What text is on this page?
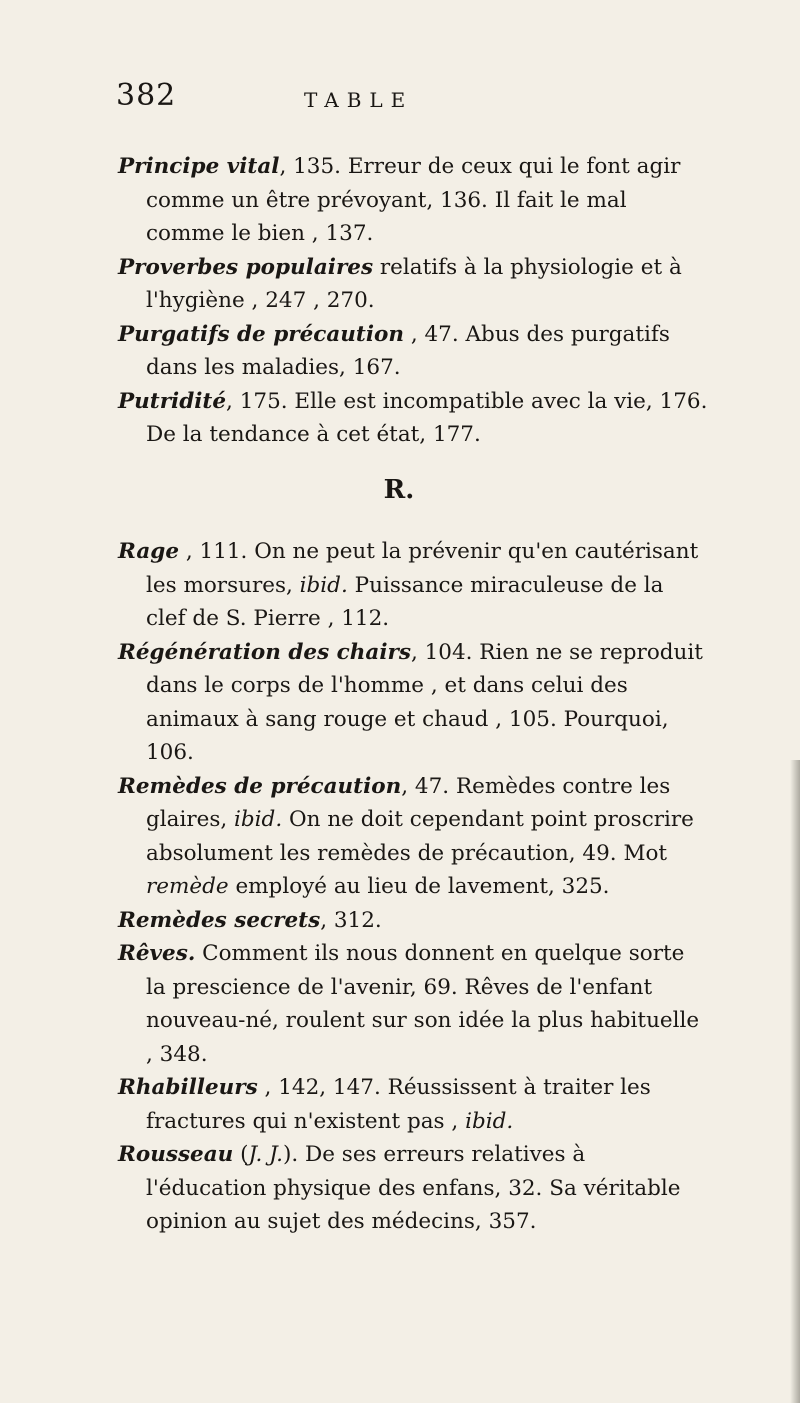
382	TABLE

Principe vital, 135. Erreur de ceux qui le font agir comme un être prévoyant, 136. Il fait le mal comme le bien , 137.

Proverbes populaires relatifs à la physiologie et à l'hygiène , 247 , 270.

Purgatifs de précaution , 47. Abus des purgatifs dans les maladies, 167.

Putridité, 175. Elle est incompatible avec la vie, 176. De la tendance à cet état, 177.

R.

Rage , 111. On ne peut la prévenir qu'en cautérisant les morsures, ibid. Puissance miraculeuse de la clef de S. Pierre , 112.

Régénération des chairs, 104. Rien ne se reproduit dans le corps de l'homme , et dans celui des animaux à sang rouge et chaud , 105. Pourquoi, 106.

Remèdes de précaution, 47. Remèdes contre les glaires, ibid. On ne doit cependant point proscrire absolument les remèdes de précaution, 49. Mot remède employé au lieu de lavement, 325.

Remèdes secrets, 312.

Rêves. Comment ils nous donnent en quelque sorte la prescience de l'avenir, 69. Rêves de l'enfant nouveau-né, roulent sur son idée la plus habituelle , 348.

Rhabilleurs , 142, 147. Réussissent à traiter les fractures qui n'existent pas , ibid.

Rousseau (J. J.). De ses erreurs relatives à l'éducation physique des enfans, 32. Sa véritable opinion au sujet des médecins, 357.
